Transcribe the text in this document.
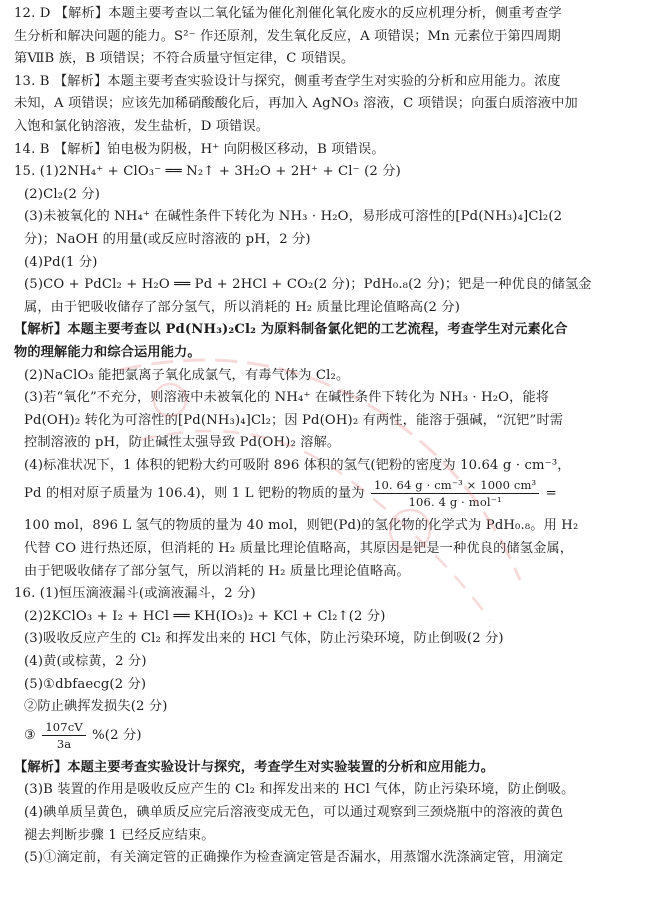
12. D 【解析】本题主要考查以二氧化锰为催化剂催化氧化废水的反应机理分析，侧重考查学
生分析和解决问题的能力。S²⁻ 作还原剂，发生氧化反应，A 项错误；Mn 元素位于第四周期
第ⅦB 族，B 项错误；不符合质量守恒定律，C 项错误。
13. B 【解析】本题主要考查实验设计与探究，侧重考查学生对实验的分析和应用能力。浓度
未知，A 项错误；应该先加稀硝酸酸化后，再加入 AgNO₃ 溶液，C 项错误；向蛋白质溶液中加
入饱和氯化钠溶液，发生盐析，D 项错误。
14. B 【解析】铂电极为阴极，H⁺ 向阴极区移动，B 项错误。
15. (1)2NH₄⁺ + ClO₃⁻ ══ N₂↑ + 3H₂O + 2H⁺ + Cl⁻ (2 分)
(2)Cl₂(2 分)
(3)未被氧化的 NH₄⁺ 在碱性条件下转化为 NH₃ · H₂O，易形成可溶性的[Pd(NH₃)₄]Cl₂(2
分)；NaOH 的用量(或反应时溶液的 pH，2 分)
(4)Pd(1 分)
(5)CO + PdCl₂ + H₂O ══ Pd + 2HCl + CO₂(2 分)；PdH₀.₈(2 分)；钯是一种优良的储氢金
属，由于钯吸收储存了部分氢气，所以消耗的 H₂ 质量比理论值略高(2 分)
【解析】本题主要考查以 Pd(NH₃)₂Cl₂ 为原料制备氯化钯的工艺流程，考查学生对元素化合
物的理解能力和综合运用能力。
(2)NaClO₃ 能把氯离子氧化成氯气，有毒气体为 Cl₂。
(3)若“氧化”不充分，则溶液中未被氧化的 NH₄⁺ 在碱性条件下转化为 NH₃ · H₂O，能将
Pd(OH)₂ 转化为可溶性的[Pd(NH₃)₄]Cl₂；因 Pd(OH)₂ 有两性，能溶于强碱，“沉钯”时需
控制溶液的 pH，防止碱性太强导致 Pd(OH)₂ 溶解。
(4)标准状况下，1 体积的钯粉大约可吸附 896 体积的氢气(钯粉的密度为 10.64 g · cm⁻³，
Pd 的相对原子质量为 106.4)，则 1 L 钯粉的物质的量为 $\frac{\text{10. 64 g · cm⁻³ × 1000 cm³}}{\text{106. 4 g · mol⁻¹}}$ =
100 mol，896 L 氢气的物质的量为 40 mol，则钯(Pd)的氢化物的化学式为 PdH₀.₈。用 H₂
代替 CO 进行热还原，但消耗的 H₂ 质量比理论值略高，其原因是钯是一种优良的储氢金属，
由于钯吸收储存了部分氢气，所以消耗的 H₂ 质量比理论值略高。
16. (1)恒压滴液漏斗(或滴液漏斗，2 分)
(2)2KClO₃ + I₂ + HCl ══ KH(IO₃)₂ + KCl + Cl₂↑(2 分)
(3)吸收反应产生的 Cl₂ 和挥发出来的 HCl 气体，防止污染环境，防止倒吸(2 分)
(4)黄(或棕黄，2 分)
(5)①dbfaecg(2 分)
②防止碘挥发损失(2 分)
③ $\frac{107cV}{3a} \%(2$ 分)
【解析】本题主要考查实验设计与探究，考查学生对实验装置的分析和应用能力。
(3)B 装置的作用是吸收反应产生的 Cl₂ 和挥发出来的 HCl 气体，防止污染环境，防止倒吸。
(4)碘单质呈黄色，碘单质反应完后溶液变成无色，可以通过观察到三颈烧瓶中的溶液的黄色
褪去判断步骤 1 已经反应结束。
(5)①滴定前，有关滴定管的正确操作为检查滴定管是否漏水，用蒸馏水洗涤滴定管，用滴定
